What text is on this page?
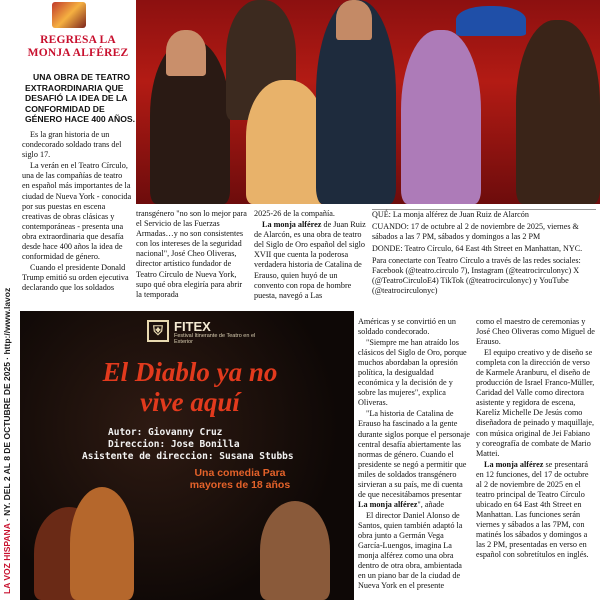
LA VOZ HISPANA · NY. DEL 2 AL 8 DE OCTUBRE DE 2025 · http://www.lavoz
REGRESA LA MONJA ALFÉREZ
UNA OBRA DE TEATRO EXTRAORDINARIA QUE DESAFIÓ LA IDEA DE LA CONFORMIDAD DE GÉNERO HACE 400 AÑOS.

Es la gran historia de un condecorado soldado trans del siglo 17.

La verán en el Teatro Círculo, una de las compañías de teatro en español más importantes de la ciudad de Nueva York - conocida por sus puestas en escena creativas de obras clásicas y contemporáneas - presenta una obra extraordinaria que desafía desde hace 400 años la idea de conformidad de género.

Cuando el presidente Donald Trump emitió su orden ejecutiva declarando que los soldados

transgénero "no son lo mejor para el Servicio de las Fuerzas Armadas…y no son consistentes con los intereses de la seguridad nacional", José Cheo Oliveras, director artístico fundador de Teatro Círculo de Nueva York, supo qué obra elegiría para abrir la temporada

2025-26 de la compañía.

La monja alférez de Juan Ruiz de Alarcón, es una obra de teatro del Siglo de Oro español del siglo XVII que cuenta la poderosa verdadera historia de Catalina de Erauso, quien huyó de un convento con ropa de hombre puesta, navegó a Las

QUÉ: La monja alférez de Juan Ruiz de Alarcón

CUANDO: 17 de octubre al 2 de noviembre de 2025, viernes & sábados a las 7 PM, sábados y domingos a las 2 PM

DONDE: Teatro Círculo, 64 East 4th Street en Manhattan, NYC.

Para conectarte con Teatro Círculo a través de las redes sociales: Facebook (@teatro.circulo 7), Instagram (@teatrocirculonyc) X (@TeatroCirculoE4) TikTok (@teatrocirculonyc) y YouTube (@teatrocirculonyc)

⛨ FITEX
Festival Itinerante de Teatro en el Exterior
El Diablo ya no
vive aquí
Autor: Giovanny Cruz
Direccion: Jose Bonilla
Asistente de direccion: Susana Stubbs
Una comedia Para mayores de 18 años

Américas y se convirtió en un soldado condecorado.

"Siempre me han atraído los clásicos del Siglo de Oro, porque muchos abordaban la opresión política, la desigualdad económica y la decisión de y sobre las mujeres", explica Oliveras.

"La historia de Catalina de Erauso ha fascinado a la gente durante siglos porque el personaje central desafía abiertamente las normas de género. Cuando el presidente se negó a permitir que miles de soldados transgénero sirvieran a su país, me di cuenta de que necesitábamos presentar La monja alférez", añade

El director Daniel Alonso de Santos, quien también adaptó la obra junto a Germán Vega García-Luengos, imagina La monja alférez como una obra dentro de otra obra, ambientada en un piano bar de la ciudad de Nueva York en el presente

como el maestro de ceremonias y José Cheo Oliveras como Miguel de Erauso.

El equipo creativo y de diseño se completa con la dirección de verso de Karmele Aranburu, el diseño de producción de Israel Franco-Müller, Caridad del Valle como directora asistente y regidora de escena, Karelíz Michelle De Jesús como diseñadora de peinado y maquillaje, con música original de Jei Fabiano y coreografía de combate de Mario Mattei.

La monja alférez se presentará en 12 funciones, del 17 de octubre al 2 de noviembre de 2025 en el teatro principal de Teatro Círculo ubicado en 64 East 4th Street en Manhattan. Las funciones serán viernes y sábados a las 7PM, con matinés los sábados y domingos a las 2 PM, presentadas en verso en español con sobretítulos en inglés.
